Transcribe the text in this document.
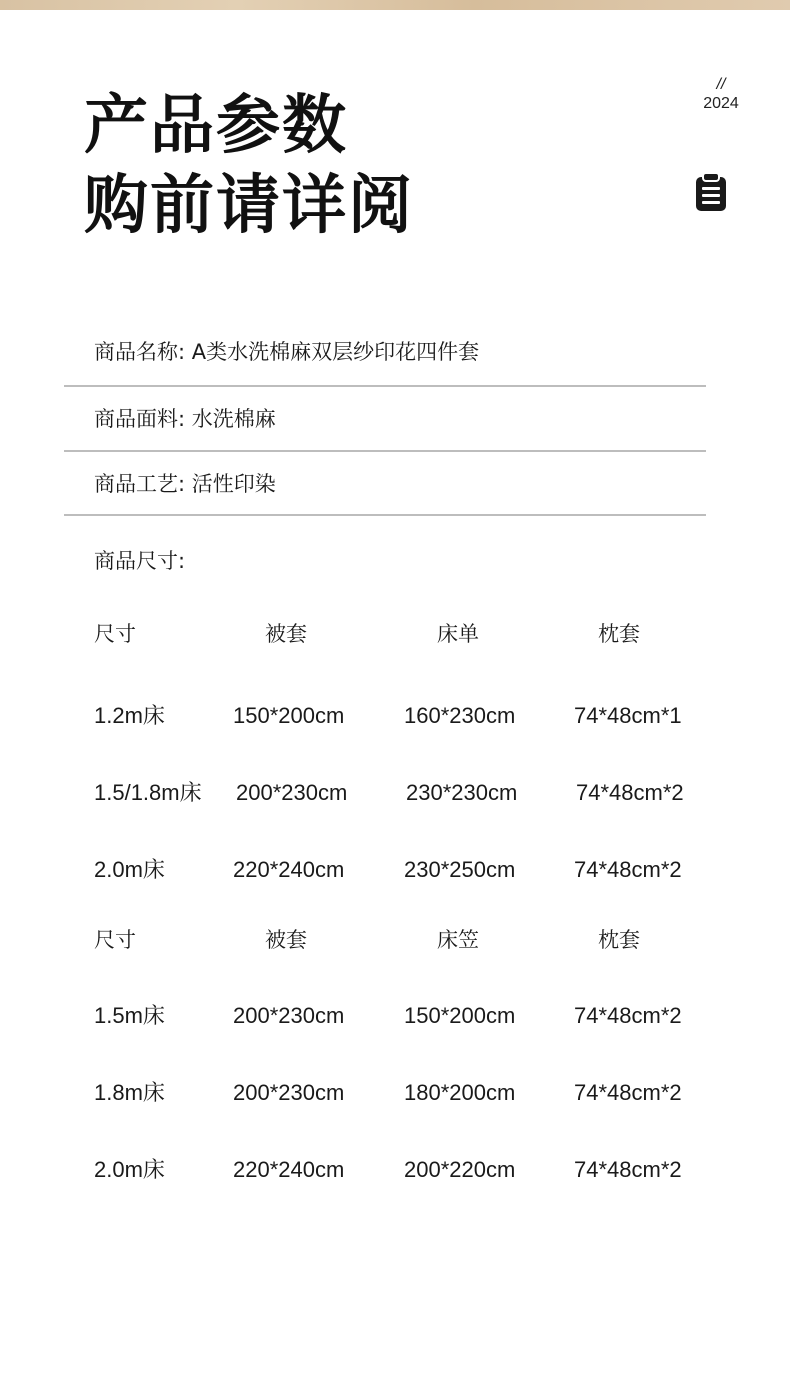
产品参数
购前请详阅
//
2024
商品名称: A类水洗棉麻双层纱印花四件套
商品面料: 水洗棉麻
商品工艺: 活性印染
商品尺寸:
尺寸	被套	床单	枕套
1.2m床	150*200cm	160*230cm	74*48cm*1
1.5/1.8m床 200*230cm	230*230cm	74*48cm*2
2.0m床	220*240cm	230*250cm	74*48cm*2
尺寸	被套	床笠	枕套
1.5m床	200*230cm	150*200cm	74*48cm*2
1.8m床	200*230cm	180*200cm	74*48cm*2
2.0m床	220*240cm	200*220cm	74*48cm*2
